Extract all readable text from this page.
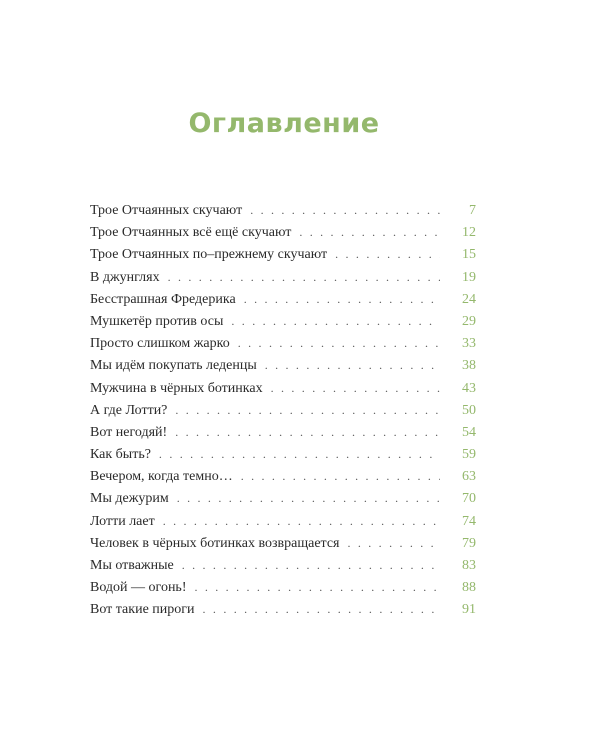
Оглавление
Трое Отчаянных скучают . . .	7
Трое Отчаянных всё ещё скучают . . .	12
Трое Отчаянных по–прежнему скучают . . .	15
В джунглях . . .	19
Бесстрашная Фредерика . . .	24
Мушкетёр против осы . . .	29
Просто слишком жарко . . .	33
Мы идём покупать леденцы . . .	38
Мужчина в чёрных ботинках . . .	43
А где Лотти? . . .	50
Вот негодяй! . . .	54
Как быть? . . .	59
Вечером, когда темно… . . .	63
Мы дежурим . . .	70
Лотти лает . . .	74
Человек в чёрных ботинках возвращается . . .	79
Мы отважные . . .	83
Водой — огонь! . . .	88
Вот такие пироги . . .	91
